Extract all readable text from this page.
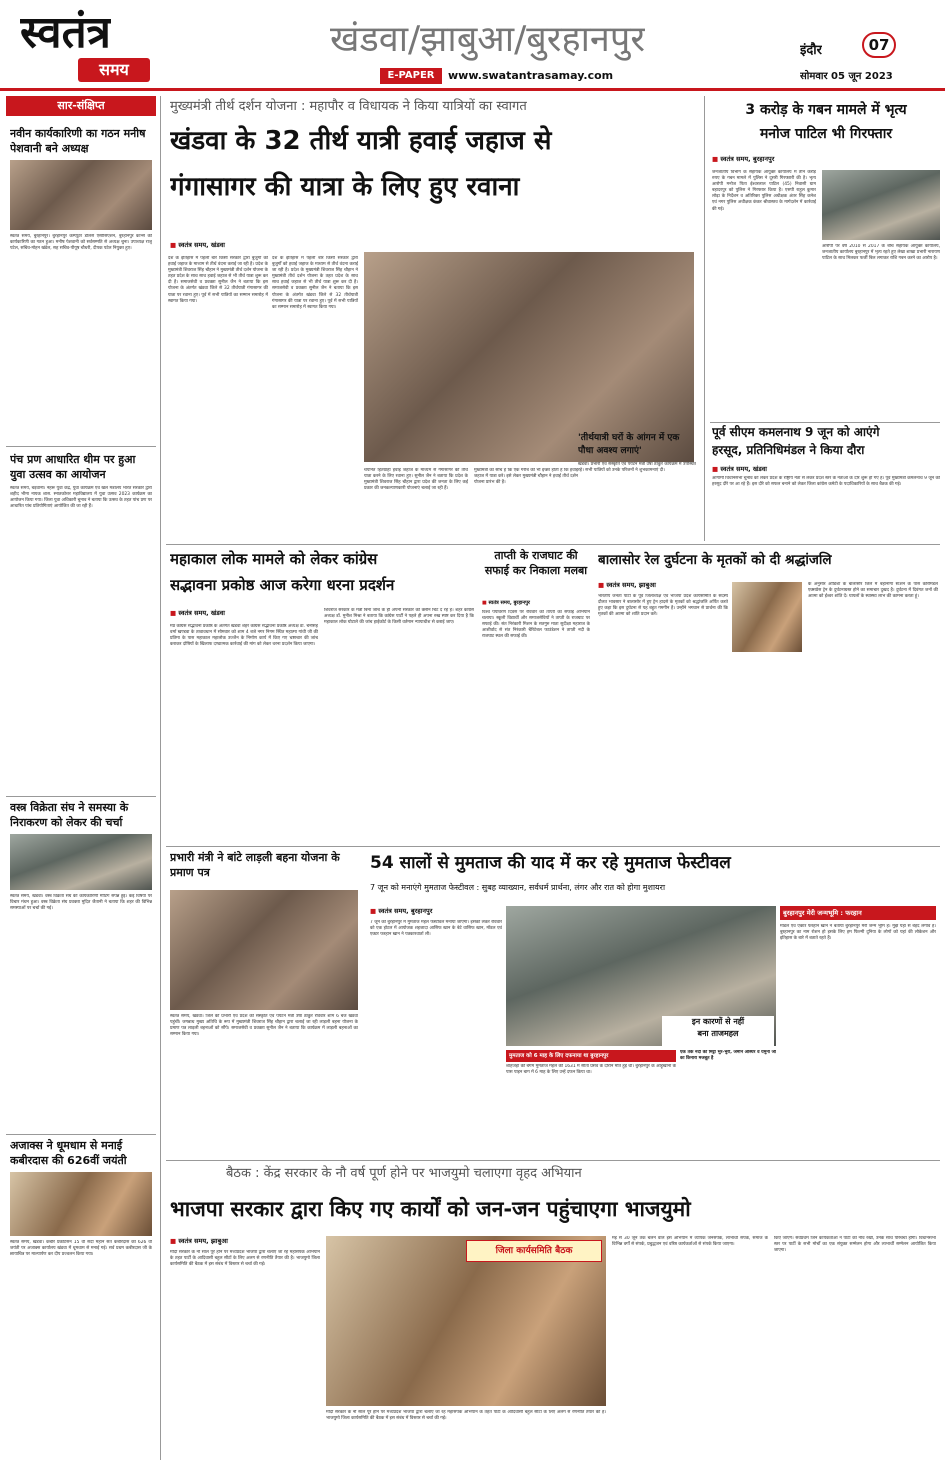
स्वतंत्र
समय
खंडवा/झाबुआ/बुरहानपुर
E-PAPER	www.swatantrasamay.com
इंदौर	07
सोमवार 05 जून 2023
सार-संक्षिप्त
नवीन कार्यकारिणी का गठन मनीष पेशवानी बने अध्यक्ष
स्वतंत्र समय, बुरहानपुर। बुरहानपुर कम्प्यूटर डीलर्स एसोसिएशन, बुरहानपुर कॉर्न्स की कार्यकारिणी का गठन हुआ। मनीष पेशवानी को सर्वसम्मति से अध्यक्ष चुना। उपाध्यक्ष राजू पटेल, सचिव-मोहन खंडेल, सह सचिव-पीयूष चौधरी, दीपक पटेल नियुक्त हुए।
पंच प्रण आधारित थीम पर हुआ युवा उत्सव का आयोजन
स्वतंत्र समय, बड़वानी। नेहरू युवा केंद्र, युवा कार्यक्रम एवं खेल मंत्रालय भारत सरकार द्वारा शहीद भीमा नायक शास. स्नातकोत्तर महाविद्यालय में युवा उत्सव 2023 कार्यक्रम का आयोजन किया गया। जिला युवा अधिकारी चुनाव ने बताया कि उत्सव के तहत पांच प्रण पर आधारित पांच प्रतियोगिताएं आयोजित की जा रही हैं।
वस्त्र विक्रेता संघ ने समस्या के निराकरण को लेकर की चर्चा
स्वतंत्र समय, खंडवा। वस्त्र विक्रेता संघ की कार्यकारिणी मीटिंग संपन्न हुई। कई विषयों पर विचार मंथन हुआ। वस्त्र विक्रेता संघ प्रवक्ता मुदित जैतानी ने बताया कि शहर की विभिन्न समस्याओं पर चर्चा की गई।
अजाक्स ने धूमधाम से मनाई कबीरदास की 626वीं जयंती
स्वतंत्र समय, खंडवा। कबीर प्रकोटेसन 15 वीं सदी महान संत कबीरदास की 626 वीं जयंती पर अजाक्स कार्यालय खंडवा में धूमधाम से मनाई गई। सर्व प्रथम कबीरदास जी के छायाचित्र पर माल्यार्पण कर दीप प्रज्वलन किया गया।
मुख्यमंत्री तीर्थ दर्शन योजना : महापौर व विधायक ने किया यात्रियों का स्वागत
खंडवा के 32 तीर्थ यात्री हवाई जहाज से
गंगासागर की यात्रा के लिए हुए रवाना
■ स्वतंत्र समय, खंडवा
देश के इतिहास में पहली बार किसी सरकार द्वारा बुजुर्गों को हवाई जहाज के माध्यम से तीर्थ वंदना कराई जा रही है। प्रदेश के मुख्यमंत्री शिवराज सिंह चौहान ने मुख्यमंत्री तीर्थ दर्शन योजना के तहत प्रदेश के साथ साथ हवाई जहाज से भी तीर्थ यात्रा शुरू कर दी है। समाजसेवी व प्रवक्ता सुनील जैन ने बताया कि इस योजना के अंतर्गत खंडवा जिले से 32 तीर्थयात्री गंगासागर की यात्रा पर रवाना हुए। पूर्व में सभी यात्रियों का सम्मान समारोह में स्वागत किया गया।
चयनित हितग्राही हवाई जहाज के माध्यम से गंगासागर की तीर्थ यात्रा करने के लिए रवाना हुए। सुनील जैन ने बताया कि प्रदेश के मुख्यमंत्री शिवराज सिंह चौहान द्वारा प्रदेश की जनता के लिए कई प्रकार की जनकल्याणकारी योजनाएं चलाई जा रही हैं।
मुख्यमंत्री का सोच है कि एक गरीब की भी इच्छा होती है कि हवाई जहाज में यात्रा करे। इसे लेकर मुख्यमंत्री चौहान ने हवाई तीर्थ दर्शन योजना प्रारंभ की है।
देश के इतिहास में पहली बार किसी सरकार द्वारा बुजुर्गों को हवाई जहाज के माध्यम से तीर्थ वंदना कराई जा रही है। प्रदेश के मुख्यमंत्री शिवराज सिंह चौहान ने मुख्यमंत्री तीर्थ दर्शन योजना के तहत प्रदेश के साथ साथ हवाई जहाज से भी तीर्थ यात्रा शुरू कर दी है। समाजसेवी व प्रवक्ता सुनील जैन ने बताया कि इस योजना के अंतर्गत खंडवा जिले से 32 तीर्थयात्री गंगासागर की यात्रा पर रवाना हुए। पूर्व में सभी यात्रियों का सम्मान समारोह में स्वागत किया गया।
'तीर्थयात्री घरों के आंगन में एक पौधा अवश्य लगाएं'
खंडवा। प्रभारी एवं संस्कृति एवं पर्यटन मंत्री उषा ठाकुर कार्यक्रम में उपस्थित रहे। सभी यात्रियों को उनके परिजनों ने शुभकामनाएं दी।
3 करोड़ के गबन मामले में भृत्य
मनोज पाटिल भी गिरफ्तार
■ स्वतंत्र समय, बुरहानपुर
जनजातीय विभाग के सहायक आयुक्त कार्यालय में तीन करोड़ रुपए के गबन मामले में पुलिस ने दूसरी गिरफ्तारी की है। भृत्य आरोपी मनोज पिता ईश्वरलाल पाटिल (45) निवासी ग्राम बहादरपुर को पुलिस ने गिरफ्तार किया है। एसपी राहुल कुमार लोढ़ा के निर्देशन व अतिरिक्त पुलिस अधीक्षक अंतर सिंह कनेश एवं नगर पुलिस अधीक्षक कंकर श्रीवास्तव के मार्गदर्शन में कार्रवाई की गई।
आरोपी पर वर्ष 2010 से 2017 के बीच सहायक आयुक्त कार्यालय, जनजातीय कार्यालय बुरहानपुर में भृत्य रहते हुए लेखा शाखा प्रभारी नारायण पाटिल के साथ मिलकर फर्जी बिल लगाकर राशि गबन करने का आरोप है।
पूर्व सीएम कमलनाथ 9 जून को आएंगे
हरसूद, प्रतिनिधिमंडल ने किया दौरा
■ स्वतंत्र समय, खंडवा
आगामी विधानसभा चुनाव को लेकर प्रदेश के राष्ट्रीय नेता से लेकर प्रदेश स्तर के नेताओं के दौरे शुरू हो गए हैं। पूर्व मुख्यमंत्री कमलनाथ 9 जून को हरसूद दौरे पर आ रहे हैं। इस दौरे को सफल बनाने को लेकर जिला कांग्रेस कमेटी के पदाधिकारियों के साथ बैठक की गई।
महाकाल लोक मामले को लेकर कांग्रेस
सद्भावना प्रकोष्ठ आज करेगा धरना प्रदर्शन
■ स्वतंत्र समय, खंडवा
मप्र कांग्रेस सद्भावना प्रकोष्ठ के अंतर्गत खंडवा शहर कांग्रेस सद्भावना प्रकोष्ठ अध्यक्ष डॉ. चैनसिंह वर्मा खण्डवा के तत्वावधान में सोमवार को शाम 4 बजे नगर निगम स्थित महात्मा गांधी जी की प्रतिमा के पास महाकाल महालोक उज्जैन के निर्माण कार्य में किए गए भ्रष्टाचार की जांच कराकर दोषियों के खिलाफ दण्डात्मक कार्रवाई की मांग को लेकर धरना प्रदर्शन किया जाएगा।
शिवराज सरकार के मंत्री बिना जांच के ही अपनी सरकार को क्लीन चिट दे रहे हैं। शहर कांग्रेस अध्यक्ष डॉ. मुनीश मिश्रा ने बताया कि कांग्रेस पार्टी ने पहले ही अपना रुख स्पष्ट कर दिया है कि महाकाल लोक घोटाले की जांच हाईकोर्ट के किसी वर्तमान न्यायाधीश से कराई जाए।
ताप्ती के राजघाट की सफाई कर निकाला मलबा
■ स्वतंत्र समय, बुरहानपुर
विश्व पर्यावरण दिवस पर रविवार को ताप्ती का सफाई अभियान चलाया। स्कूली विद्यार्थी और समाजसेवियों ने ताप्ती के राजघाट पर सफाई की। संत निरंकारी मिशन के सतगुरु माता सुदीक्षा महाराज के आशीर्वाद से संत निरंकारी चैरिटेबल फाउंडेशन ने ताप्ती नदी के राजघाट स्थल की सफाई की।
बालासोर रेल दुर्घटना के मृतकों को दी श्रद्धांजलि
■ स्वतंत्र समय, झाबुआ
भारतीय जनता पार्टी के पूर्व जिलाध्यक्ष एवं भाजपा प्रदेश कार्यसमिति के सदस्य दौलत भावसार ने बालासोर में हुए ट्रेन हादसे के मृतकों को श्रद्धांजलि अर्पित करते हुए कहा कि इस दुर्घटना से यह बहुत गमगीन है। उन्होंने भगवान से प्रार्थना की कि मृतकों की आत्मा को शांति प्रदान करें।
के अनुसार ओडिशा के बालासोर जिले में बहानागा स्टेशन के पास कोरोमंडल एक्सप्रेस ट्रेन के दुर्घटनाग्रस्त होने का समाचार दुखद है। दुर्घटना में दिवंगत जनों की आत्मा को ईश्वर शांति दें। घायलों के स्वास्थ्य लाभ की कामना करता हूं।
प्रभारी मंत्री ने बांटे लाड़ली बहना योजना के प्रमाण पत्र
स्वतंत्र समय, खंडवा। जिले की प्रभारी एवं प्रदेश की संस्कृति एवं पर्यटन मंत्री उषा ठाकुर रविवार शाम 6 बजे खंडवा पहुंचीं। जगन्नाथ मुख्य अतिथि के रूप में मुख्यमंत्री शिवराज सिंह चौहान द्वारा चलाई जा रही लाड़ली बहना योजना के प्रमाण पत्र लाड़ली बहनाओं को सौंपे। समाजसेवी व प्रवक्ता सुनील जैन ने बताया कि कार्यक्रम में लाड़ली बहनाओं का सम्मान किया गया।
54 सालों से मुमताज की याद में कर रहे मुमताज फेस्टीवल
7 जून को मनाएंगे मुमताज फेस्टीवल : सुबह व्याख्यान, सर्वधर्म प्रार्थना, लंगर और रात को होगा मुशायरा
■ स्वतंत्र समय, बुरहानपुर
7 जून को बुरहानपुर में मुमताज महल फेस्टीवल मनाया जाएगा। इसको लेकर रविवार को एक होटल में आयोजक शहजादा आसिफ खान के बेटे वासिफ खान, मॉडल एवं एक्टर फरहान खान ने पत्रकारवार्ता ली।
इन कारणों से नहीं
बना ताजमहल
मुमताज को 6 माह के लिए दफनाया था बुरहानपुर
शाहजहां की बेगम मुमताज महल की 1631 में सीता प्रसव के दौरान मौत हुई थी। बुरहानपुर के आहूखाना के पास पाइन बाग में 6 माह के लिए उन्हें दफन किया था।
एक तर्क नदी की मिट्टी भुर-भुरी, जमीन अस्थिर व यमुना जी का किनारा मजबूत है
बुरहानपुर मेरी जन्मभूमि : फरहान
मॉडल एवं एक्टर फरहान खान ने बताया बुरहानपुर मेरी जन्म भूमि है। मुझे यहां से बेहद लगाव है। बुरहानपुर का नाम रोशन हो इसके लिए हम फिल्मी दुनिया के लोगों को यहां की लोकेशन और इतिहास के बारे में बताते रहते हैं।
बैठक : केंद्र सरकार के नौ वर्ष पूर्ण होने पर भाजयुमो चलाएगा वृहद अभियान
भाजपा सरकार द्वारा किए गए कार्यों को जन-जन पहुंचाएगा भाजयुमो
■ स्वतंत्र समय, झाबुआ
मोदी सरकार के नौ साल पूरे होने पर मध्यप्रदेश भाजपा द्वारा चलाए जा रहे महासंपर्क अभियान के तहत पार्टी के आदिवासी बहुल सीटों के लिए अलग से रणनीति तैयार की है। भाजयुमो जिला कार्यसमिति की बैठक में इस संबंध में विस्तार से चर्चा की गई।
जिला कार्यसमिति बैठक
मोदी सरकार के नौ साल पूरे होने पर मध्यप्रदेश भाजपा द्वारा चलाए जा रहे महासंपर्क अभियान के तहत पार्टी के आदिवासी बहुल सीटों के लिए अलग से रणनीति तैयार की है। भाजयुमो जिला कार्यसमिति की बैठक में इस संबंध में विस्तार से चर्चा की गई।
मई से 30 जून तक चलने वाले इस अभियान में व्यापक जनसंपर्क, लाभार्थी संपर्क, समाज के विभिन्न वर्गों से संपर्क, प्रबुद्धजन एवं वरिष्ठ कार्यकर्ताओं से संपर्क किया जाएगा।
किए जाएंगे। सर्वप्रथम जिन कार्यकर्ताओं ने पार्टी की नींव रखी, उनके साथ परिचर्चा होगी। विधानसभा स्तर पर पार्टी के सभी मोर्चों का एक संयुक्त सम्मेलन होगा और लाभार्थी सम्मेलन आयोजित किया जाएगा।
